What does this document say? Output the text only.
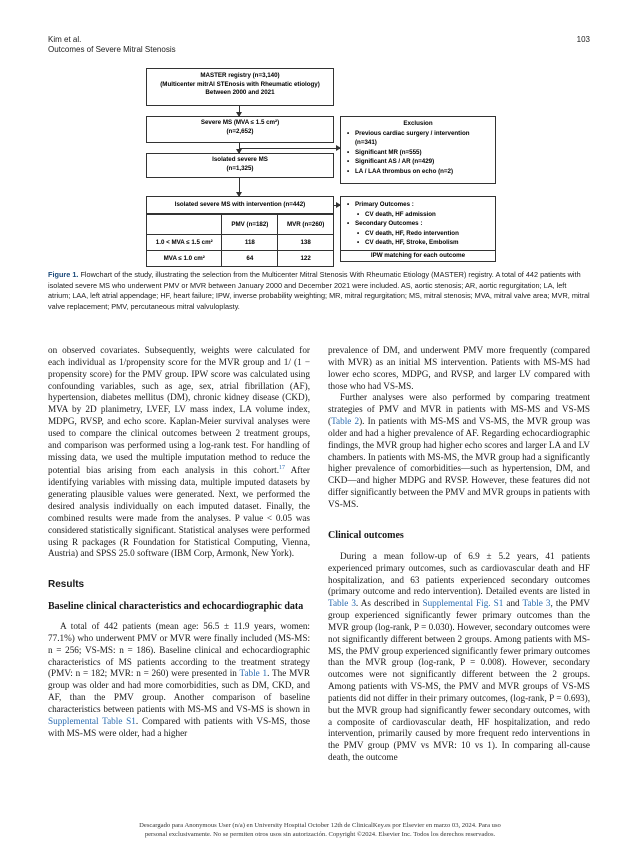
Kim et al.
Outcomes of Severe Mitral Stenosis
103
MASTER registry (n=3,140)
(Multicenter mitrAl STEnosis with Rheumatic etiology)
Between 2000 and 2021
Severe MS (MVA ≤ 1.5 cm²)
(n=2,652)
Isolated severe MS
(n=1,325)
Isolated severe MS with intervention (n=442)
	PMV (n=182)	MVR (n=260)
1.0 < MVA ≤ 1.5 cm²	118	138
MVA ≤ 1.0 cm²	64	122
Exclusion
• Previous cardiac surgery / intervention
(n=341)
• Significant MR (n=555)
• Significant AS / AR (n=429)
• LA / LAA thrombus on echo (n=2)
• Primary Outcomes :
• CV death, HF admission
• Secondary Outcomes :
• CV death, HF, Redo intervention
• CV death, HF, Stroke, Embolism
IPW matching for each outcome
Figure 1. Flowchart of the study, illustrating the selection from the Multicenter Mitral Stenosis With Rheumatic Etiology (MASTER) registry. A total of 442 patients with isolated severe MS who underwent PMV or MVR between January 2000 and December 2021 were included. AS, aortic stenosis; AR, aortic regurgitation; LA, left atrium; LAA, left atrial appendage; HF, heart failure; IPW, inverse probability weighting; MR, mitral regurgitation; MS, mitral stenosis; MVA, mitral valve area; MVR, mitral valve replacement; PMV, percutaneous mitral valvuloplasty.

on observed covariates. Subsequently, weights were calculated for each individual as 1/propensity score for the MVR group and 1/ (1 − propensity score) for the PMV group. IPW score was calculated using confounding variables, such as age, sex, atrial fibrillation (AF), hypertension, diabetes mellitus (DM), chronic kidney disease (CKD), MVA by 2D planimetry, LVEF, LV mass index, LA volume index, MDPG, RVSP, and echo score. Kaplan-Meier survival analyses were used to compare the clinical outcomes between 2 treatment groups, and comparison was performed using a log-rank test. For handling of missing data, we used the multiple imputation method to reduce the potential bias arising from each analysis in this cohort.$^{17}$ After identifying variables with missing data, multiple imputed datasets by generating plausible values were generated. Next, we performed the desired analysis individually on each imputed dataset. Finally, the combined results were made from the analyses. P value < 0.05 was considered statistically significant. Statistical analyses were performed using R packages (R Foundation for Statistical Computing, Vienna, Austria) and SPSS 25.0 software (IBM Corp, Armonk, New York).

Results
Baseline clinical characteristics and echocardiographic data

A total of 442 patients (mean age: 56.5 ± 11.9 years, women: 77.1%) who underwent PMV or MVR were finally included (MS-MS: n = 256; VS-MS: n = 186). Baseline clinical and echocardiographic characteristics of MS patients according to the treatment strategy (PMV: n = 182; MVR: n = 260) were presented in Table 1. The MVR group was older and had more comorbidities, such as DM, CKD, and AF, than the PMV group. Another comparison of baseline characteristics between patients with MS-MS and VS-MS is shown in Supplemental Table S1. Compared with patients with VS-MS, those with MS-MS were older, had a higher

prevalence of DM, and underwent PMV more frequently (compared with MVR) as an initial MS intervention. Patients with MS-MS had lower echo scores, MDPG, and RVSP, and larger LV compared with those who had VS-MS.

Further analyses were also performed by comparing treatment strategies of PMV and MVR in patients with MS-MS and VS-MS (Table 2). In patients with MS-MS and VS-MS, the MVR group was older and had a higher prevalence of AF. Regarding echocardiographic findings, the MVR group had higher echo scores and larger LA and LV chambers. In patients with MS-MS, the MVR group had a significantly higher prevalence of comorbidities—such as hypertension, DM, and CKD—and higher MDPG and RVSP. However, these features did not differ significantly between the PMV and MVR groups in patients with VS-MS.

Clinical outcomes

During a mean follow-up of 6.9 ± 5.2 years, 41 patients experienced primary outcomes, such as cardiovascular death and HF hospitalization, and 63 patients experienced secondary outcomes (primary outcome and redo intervention). Detailed events are listed in Table 3. As described in Supplemental Fig. S1 and Table 3, the PMV group experienced significantly fewer primary outcomes than the MVR group (log-rank, P = 0.030). However, secondary outcomes were not significantly different between 2 groups. Among patients with MS-MS, the PMV group experienced significantly fewer primary outcomes than the MVR group (log-rank, P = 0.008). However, secondary outcomes were not significantly different between the 2 groups. Among patients with VS-MS, the PMV and MVR groups of VS-MS patients did not differ in their primary outcomes, (log-rank, P = 0.693), but the MVR group had significantly fewer secondary outcomes, with a composite of cardiovascular death, HF hospitalization, and redo intervention, primarily caused by more frequent redo interventions in the PMV group (PMV vs MVR: 10 vs 1). In comparing all-cause death, the outcome

Descargado para Anonymous User (n/a) en University Hospital October 12th de ClinicalKey.es por Elsevier en marzo 03, 2024. Para uso
personal exclusivamente. No se permiten otros usos sin autorización. Copyright ©2024. Elsevier Inc. Todos los derechos reservados.
